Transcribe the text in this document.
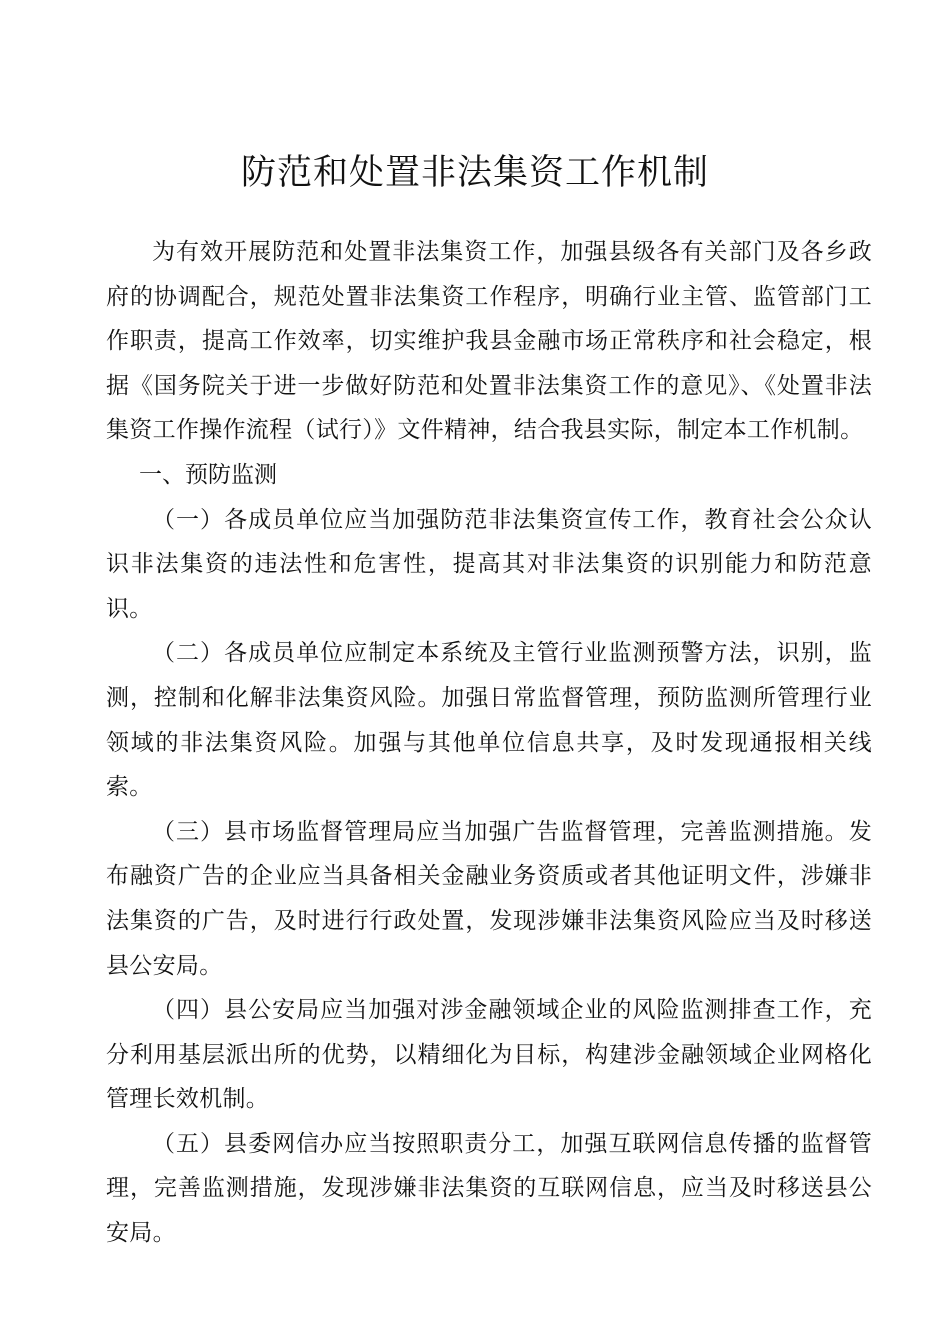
防范和处置非法集资工作机制

为有效开展防范和处置非法集资工作，加强县级各有关部门及各乡政府的协调配合，规范处置非法集资工作程序，明确行业主管、监管部门工作职责，提高工作效率，切实维护我县金融市场正常秩序和社会稳定，根据《国务院关于进一步做好防范和处置非法集资工作的意见》、《处置非法集资工作操作流程（试行）》文件精神，结合我县实际，制定本工作机制。

一、预防监测

（一）各成员单位应当加强防范非法集资宣传工作，教育社会公众认识非法集资的违法性和危害性，提高其对非法集资的识别能力和防范意识。

（二）各成员单位应制定本系统及主管行业监测预警方法，识别，监测，控制和化解非法集资风险。加强日常监督管理，预防监测所管理行业领域的非法集资风险。加强与其他单位信息共享，及时发现通报相关线索。

（三）县市场监督管理局应当加强广告监督管理，完善监测措施。发布融资广告的企业应当具备相关金融业务资质或者其他证明文件，涉嫌非法集资的广告，及时进行行政处置，发现涉嫌非法集资风险应当及时移送县公安局。

（四）县公安局应当加强对涉金融领域企业的风险监测排查工作，充分利用基层派出所的优势，以精细化为目标，构建涉金融领域企业网格化管理长效机制。

（五）县委网信办应当按照职责分工，加强互联网信息传播的监督管理，完善监测措施，发现涉嫌非法集资的互联网信息，应当及时移送县公安局。
